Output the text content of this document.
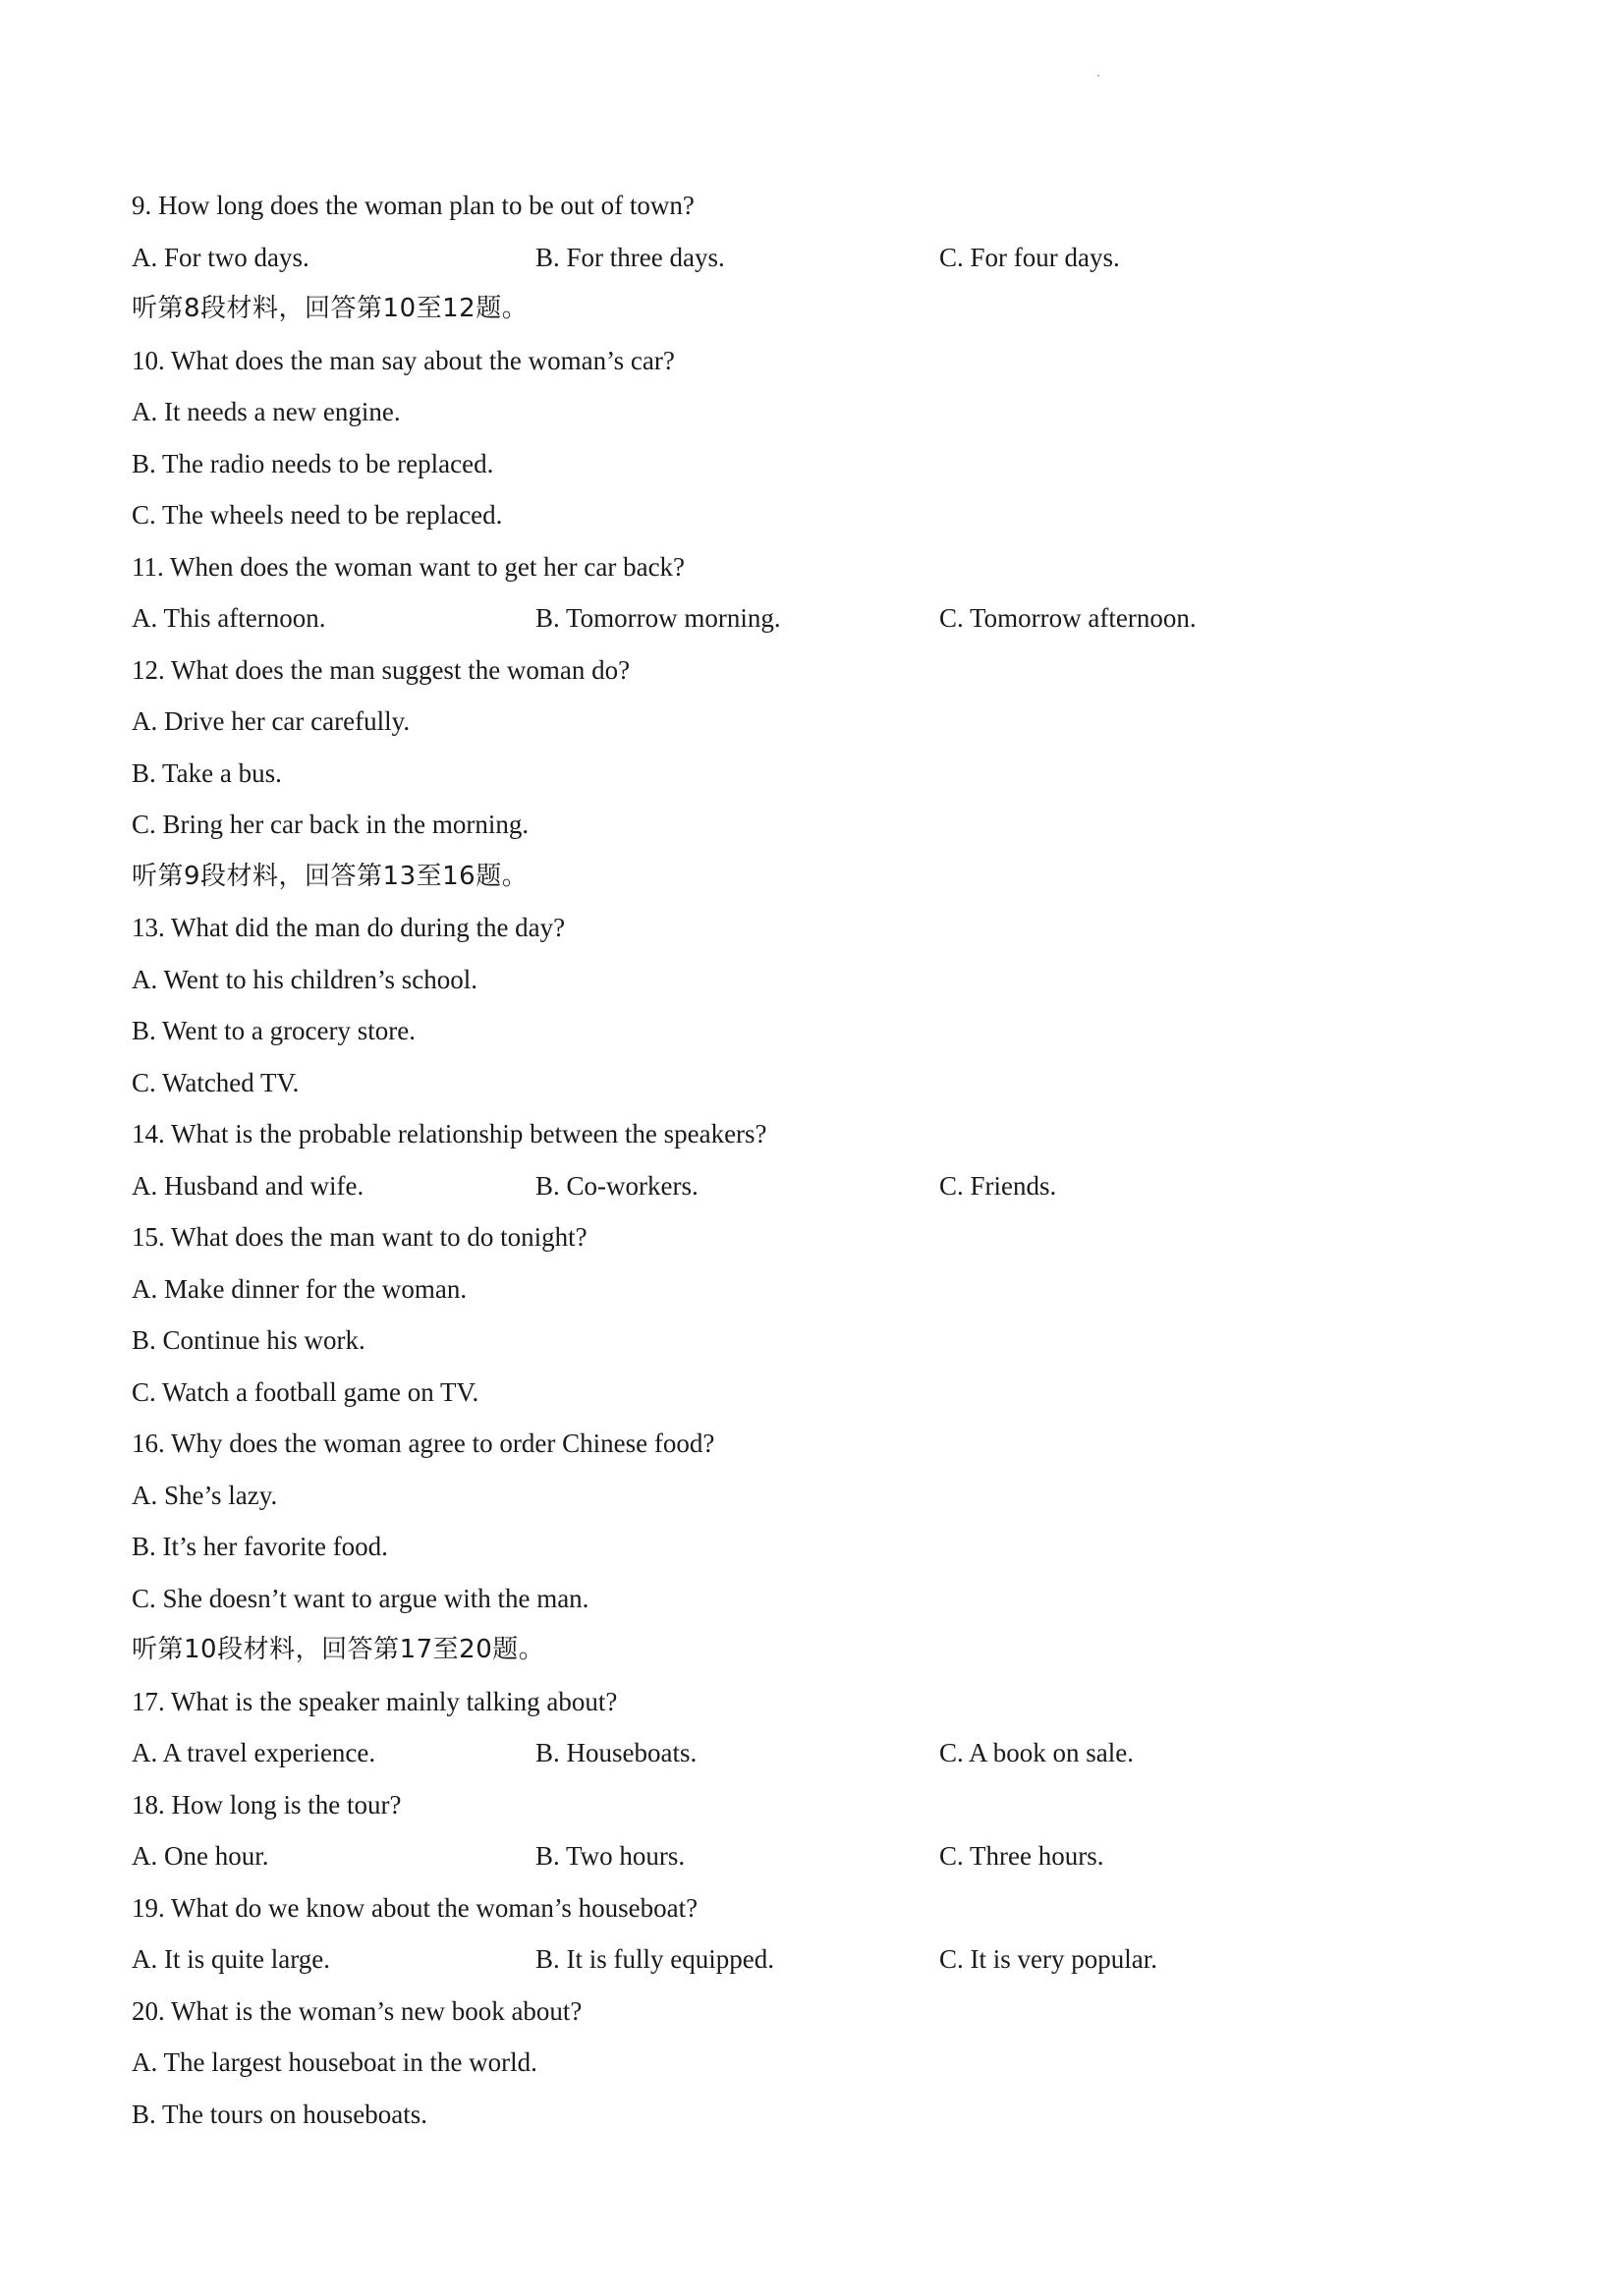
9. How long does the woman plan to be out of town?
A. For two days.	B. For three days.	C. For four days.
听第8段材料，回答第10至12题。
10. What does the man say about the woman’s car?
A. It needs a new engine.
B. The radio needs to be replaced.
C. The wheels need to be replaced.
11. When does the woman want to get her car back?
A. This afternoon.	B. Tomorrow morning.	C. Tomorrow afternoon.
12. What does the man suggest the woman do?
A. Drive her car carefully.
B. Take a bus.
C. Bring her car back in the morning.
听第9段材料，回答第13至16题。
13. What did the man do during the day?
A. Went to his children’s school.
B. Went to a grocery store.
C. Watched TV.
14. What is the probable relationship between the speakers?
A. Husband and wife.	B. Co-workers.	C. Friends.
15. What does the man want to do tonight?
A. Make dinner for the woman.
B. Continue his work.
C. Watch a football game on TV.
16. Why does the woman agree to order Chinese food?
A. She’s lazy.
B. It’s her favorite food.
C. She doesn’t want to argue with the man.
听第10段材料，回答第17至20题。
17. What is the speaker mainly talking about?
A. A travel experience.	B. Houseboats.	C. A book on sale.
18. How long is the tour?
A. One hour.	B. Two hours.	C. Three hours.
19. What do we know about the woman’s houseboat?
A. It is quite large.	B. It is fully equipped.	C. It is very popular.
20. What is the woman’s new book about?
A. The largest houseboat in the world.
B. The tours on houseboats.
